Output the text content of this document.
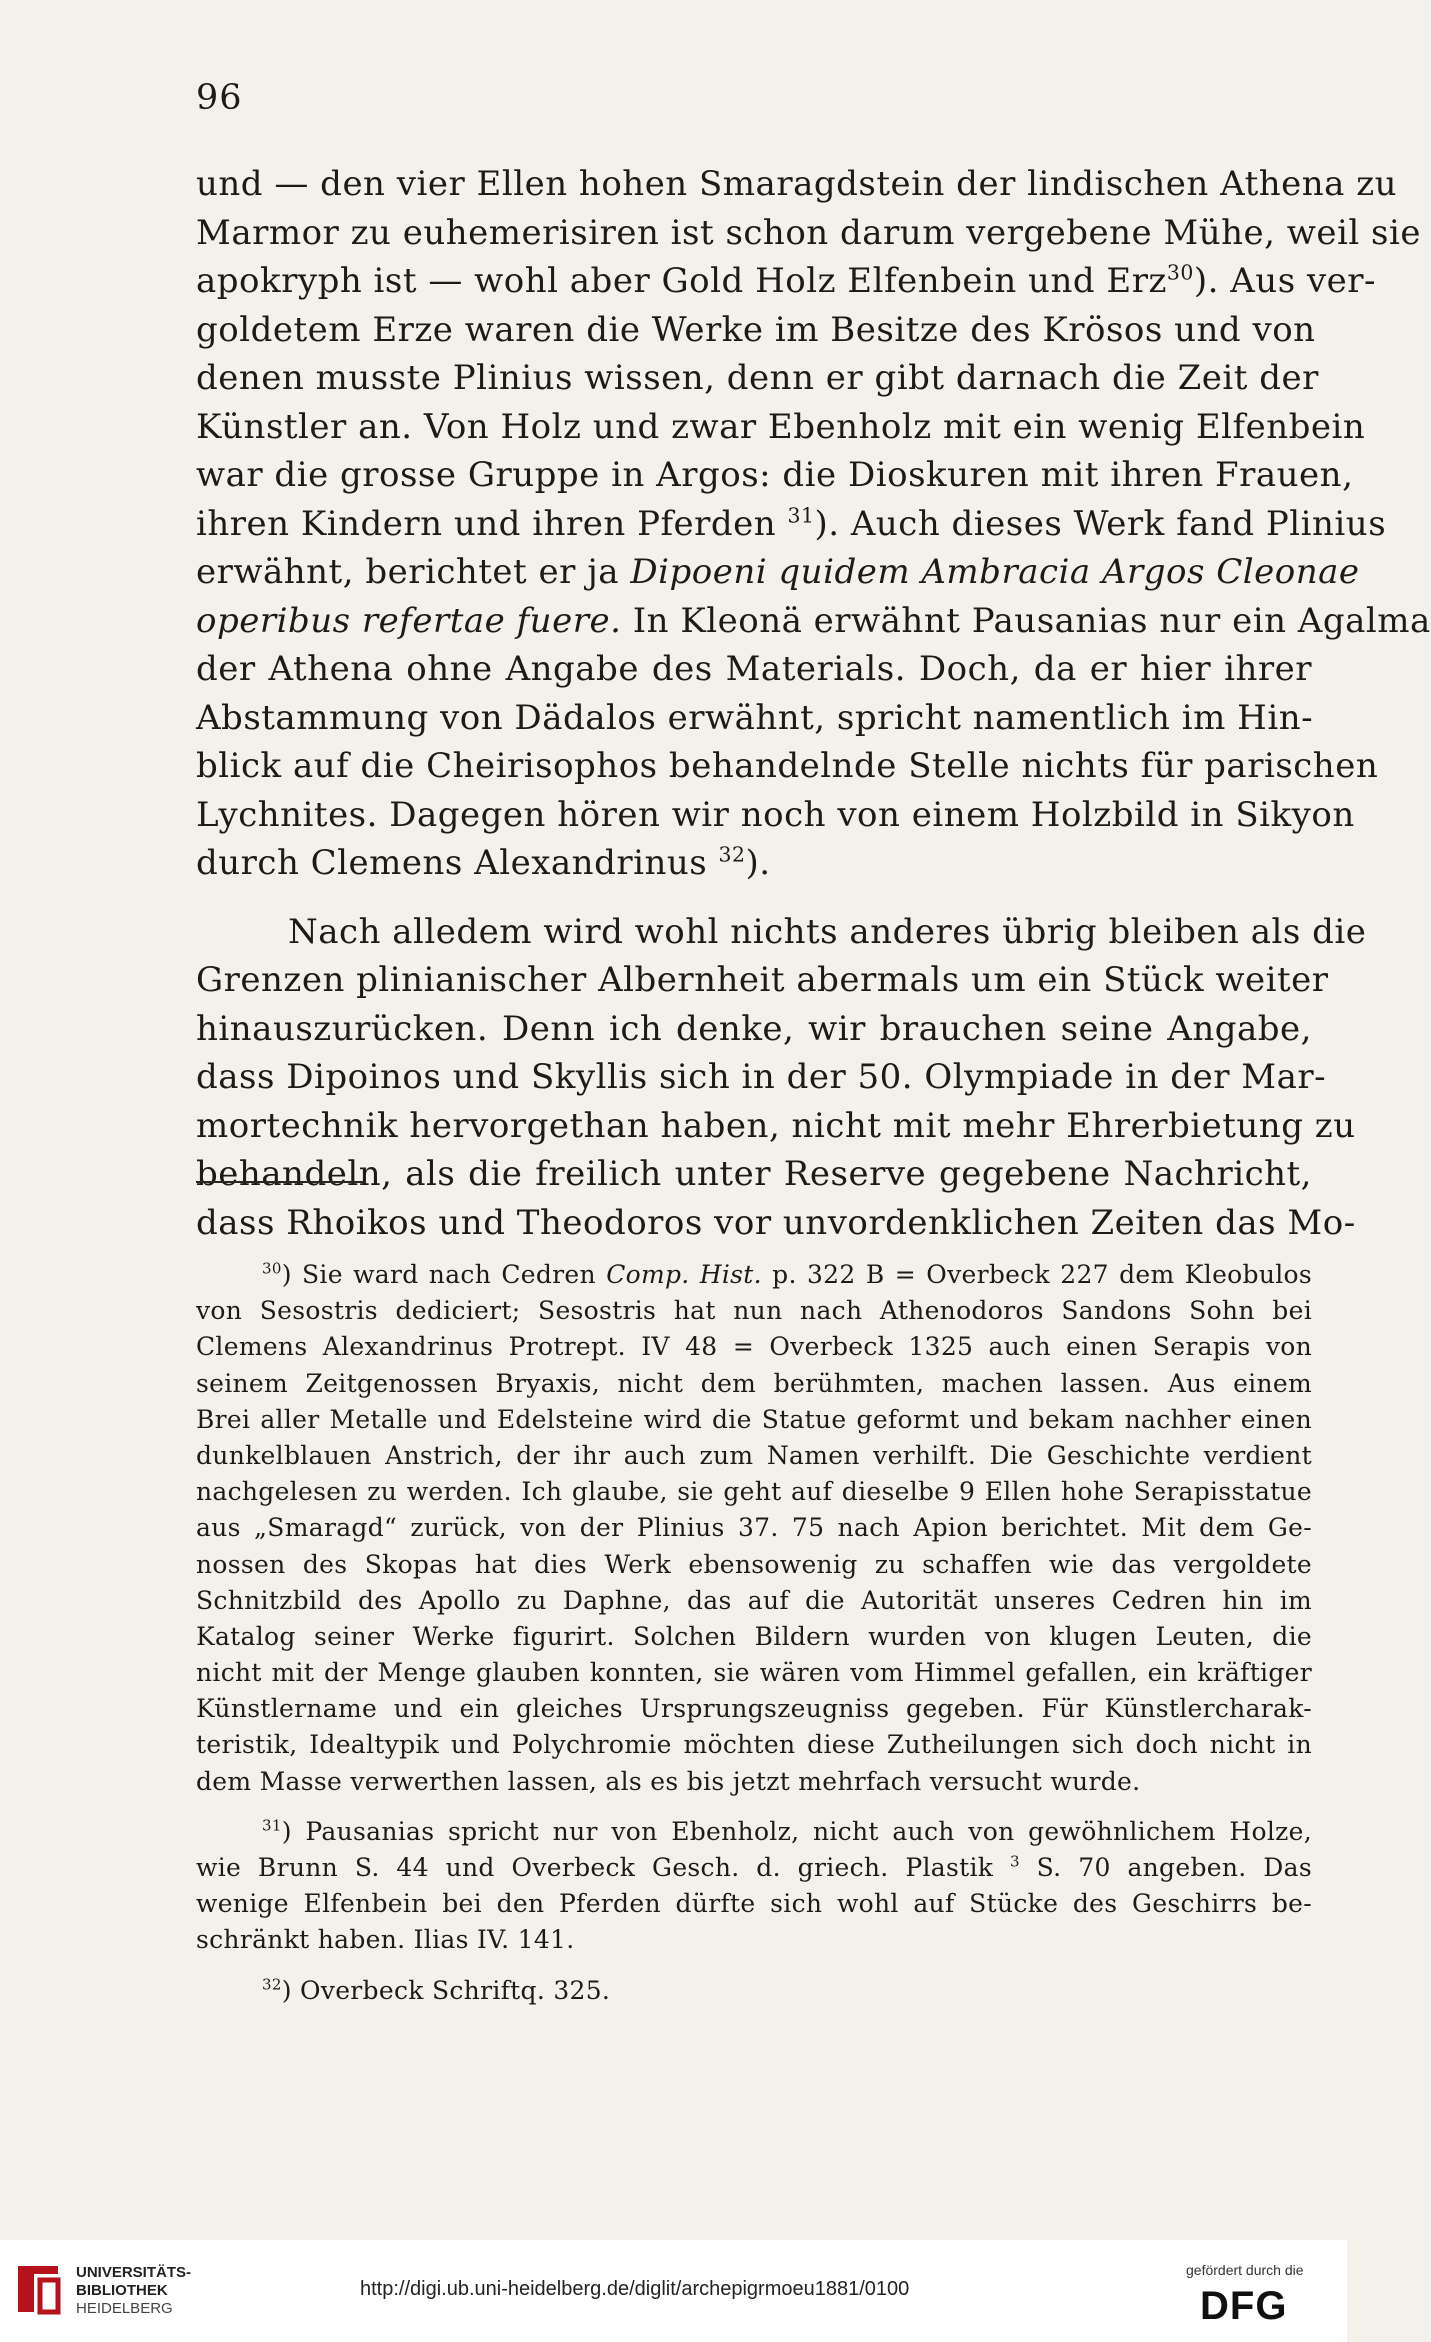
96
und — den vier Ellen hohen Smaragdstein der lindischen Athena zu
Marmor zu euhemerisiren ist schon darum vergebene Mühe, weil sie
apokryph ist — wohl aber Gold Holz Elfenbein und Erz$^{30}$). Aus ver-
goldetem Erze waren die Werke im Besitze des Krösos und von
denen musste Plinius wissen, denn er gibt darnach die Zeit der
Künstler an. Von Holz und zwar Ebenholz mit ein wenig Elfenbein
war die grosse Gruppe in Argos: die Dioskuren mit ihren Frauen,
ihren Kindern und ihren Pferden $^{31}$). Auch dieses Werk fand Plinius
erwähnt, berichtet er ja Dipoeni quidem Ambracia Argos Cleonae
operibus refertae fuere. In Kleonä erwähnt Pausanias nur ein Agalma
der Athena ohne Angabe des Materials. Doch, da er hier ihrer
Abstammung von Dädalos erwähnt, spricht namentlich im Hin-
blick auf die Cheirisophos behandelnde Stelle nichts für parischen
Lychnites. Dagegen hören wir noch von einem Holzbild in Sikyon
durch Clemens Alexandrinus $^{32}$).
Nach alledem wird wohl nichts anderes übrig bleiben als die
Grenzen plinianischer Albernheit abermals um ein Stück weiter
hinauszurücken. Denn ich denke, wir brauchen seine Angabe,
dass Dipoinos und Skyllis sich in der 50. Olympiade in der Mar-
mortechnik hervorgethan haben, nicht mit mehr Ehrerbietung zu
behandeln, als die freilich unter Reserve gegebene Nachricht,
dass Rhoikos und Theodoros vor unvordenklichen Zeiten das Mo-
$^{30}$) Sie ward nach Cedren Comp. Hist. p. 322 B = Overbeck 227 dem Kleobulos
von Sesostris dediciert; Sesostris hat nun nach Athenodoros Sandons Sohn bei
Clemens Alexandrinus Protrept. IV 48 = Overbeck 1325 auch einen Serapis von
seinem Zeitgenossen Bryaxis, nicht dem berühmten, machen lassen. Aus einem
Brei aller Metalle und Edelsteine wird die Statue geformt und bekam nachher einen
dunkelblauen Anstrich, der ihr auch zum Namen verhilft. Die Geschichte verdient
nachgelesen zu werden. Ich glaube, sie geht auf dieselbe 9 Ellen hohe Serapisstatue
aus „Smaragd“ zurück, von der Plinius 37. 75 nach Apion berichtet. Mit dem Ge-
nossen des Skopas hat dies Werk ebensowenig zu schaffen wie das vergoldete
Schnitzbild des Apollo zu Daphne, das auf die Autorität unseres Cedren hin im
Katalog seiner Werke figurirt. Solchen Bildern wurden von klugen Leuten, die
nicht mit der Menge glauben konnten, sie wären vom Himmel gefallen, ein kräftiger
Künstlername und ein gleiches Ursprungszeugniss gegeben. Für Künstlercharak-
teristik, Idealtypik und Polychromie möchten diese Zutheilungen sich doch nicht in
dem Masse verwerthen lassen, als es bis jetzt mehrfach versucht wurde.
$^{31}$) Pausanias spricht nur von Ebenholz, nicht auch von gewöhnlichem Holze,
wie Brunn S. 44 und Overbeck Gesch. d. griech. Plastik $^3$ S. 70 angeben. Das
wenige Elfenbein bei den Pferden dürfte sich wohl auf Stücke des Geschirrs be-
schränkt haben. Ilias IV. 141.
$^{32}$) Overbeck Schriftq. 325.
UNIVERSITÄTS-
BIBLIOTHEK
HEIDELBERG
http://digi.ub.uni-heidelberg.de/diglit/archepigrmoeu1881/0100
gefördert durch die
DFG
